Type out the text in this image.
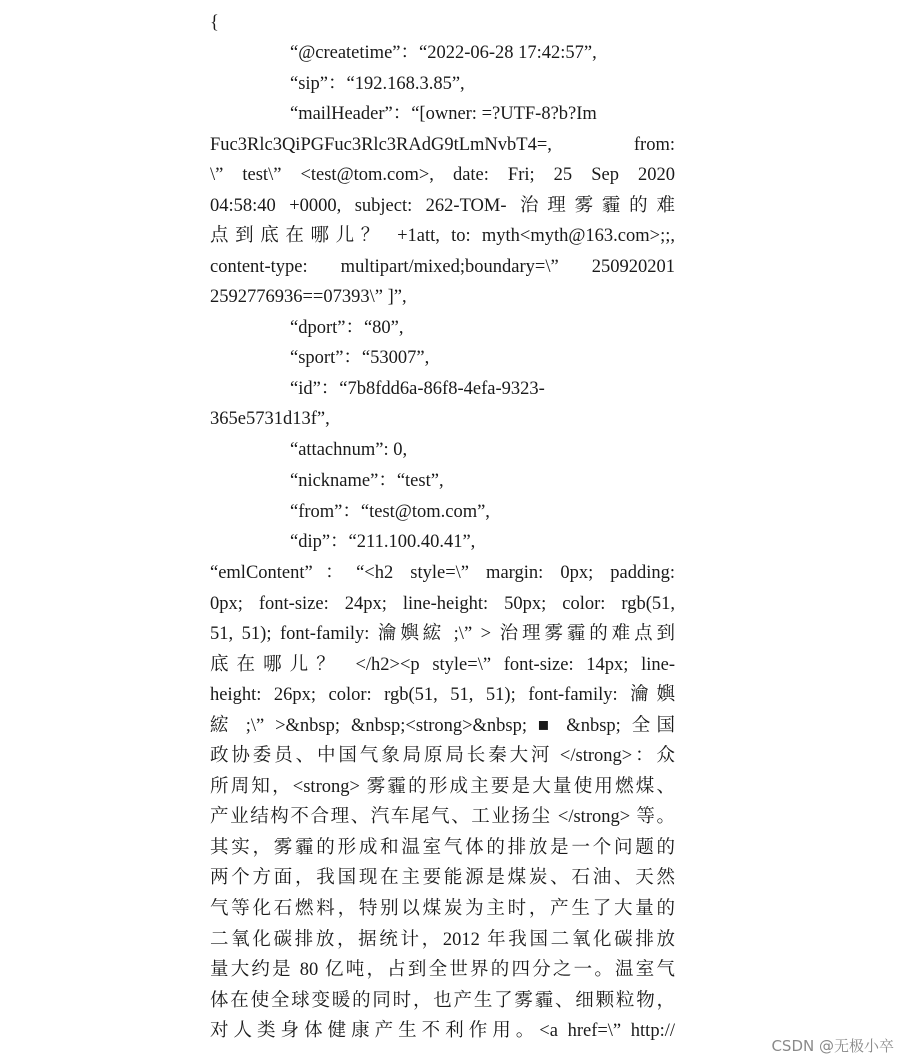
{
“@createtime”：“2022-06-28 17:42:57”,
“sip”：“192.168.3.85”,
“mailHeader”：“[owner: =?UTF-8?b?Im
Fuc3Rlc3QiPGFuc3Rlc3RAdG9tLmNvbT4=, from:
\” test\” <test@tom.com>, date: Fri; 25 Sep 2020
04:58:40 +0000, subject: 262-TOM- 治理雾霾的难
点到底在哪儿？ +1att, to: myth<myth@163.com>;;,
content-type: multipart/mixed;boundary=\” 250920201
2592776936==07393\” ]”,
“dport”：“80”,
“sport”：“53007”,
“id”：“7b8fdd6a-86f8-4efa-9323-
365e5731d13f”,
“attachnum”: 0,
“nickname”：“test”,
“from”：“test@tom.com”,
“dip”：“211.100.40.41”,
“emlContent”：“<h2 style=\” margin: 0px; padding:
0px; font-size: 24px; line-height: 50px; color: rgb(51,
51, 51); font-family: 瀹嬩綋 ;\” > 治理雾霾的难点到
底在哪儿？ </h2><p style=\” font-size: 14px; line-
height: 26px; color: rgb(51, 51, 51); font-family: 瀹嬩
綋 ;\” >&nbsp; &nbsp;<strong>&nbsp; ■ &nbsp; 全国
政协委员、中国气象局原局长秦大河 </strong>：众
所周知，<strong> 雾霾的形成主要是大量使用燃煤、
产业结构不合理、汽车尾气、工业扬尘 </strong> 等。
其实，雾霾的形成和温室气体的排放是一个问题的
两个方面，我国现在主要能源是煤炭、石油、天然
气等化石燃料，特别以煤炭为主时，产生了大量的
二氧化碳排放，据统计，2012 年我国二氧化碳排放
量大约是 80 亿吨，占到全世界的四分之一。温室气
体在使全球变暖的同时，也产生了雾霾、细颗粒物，
对人类身体健康产生不利作用。<a href=\” http://
CSDN @无极小卒
